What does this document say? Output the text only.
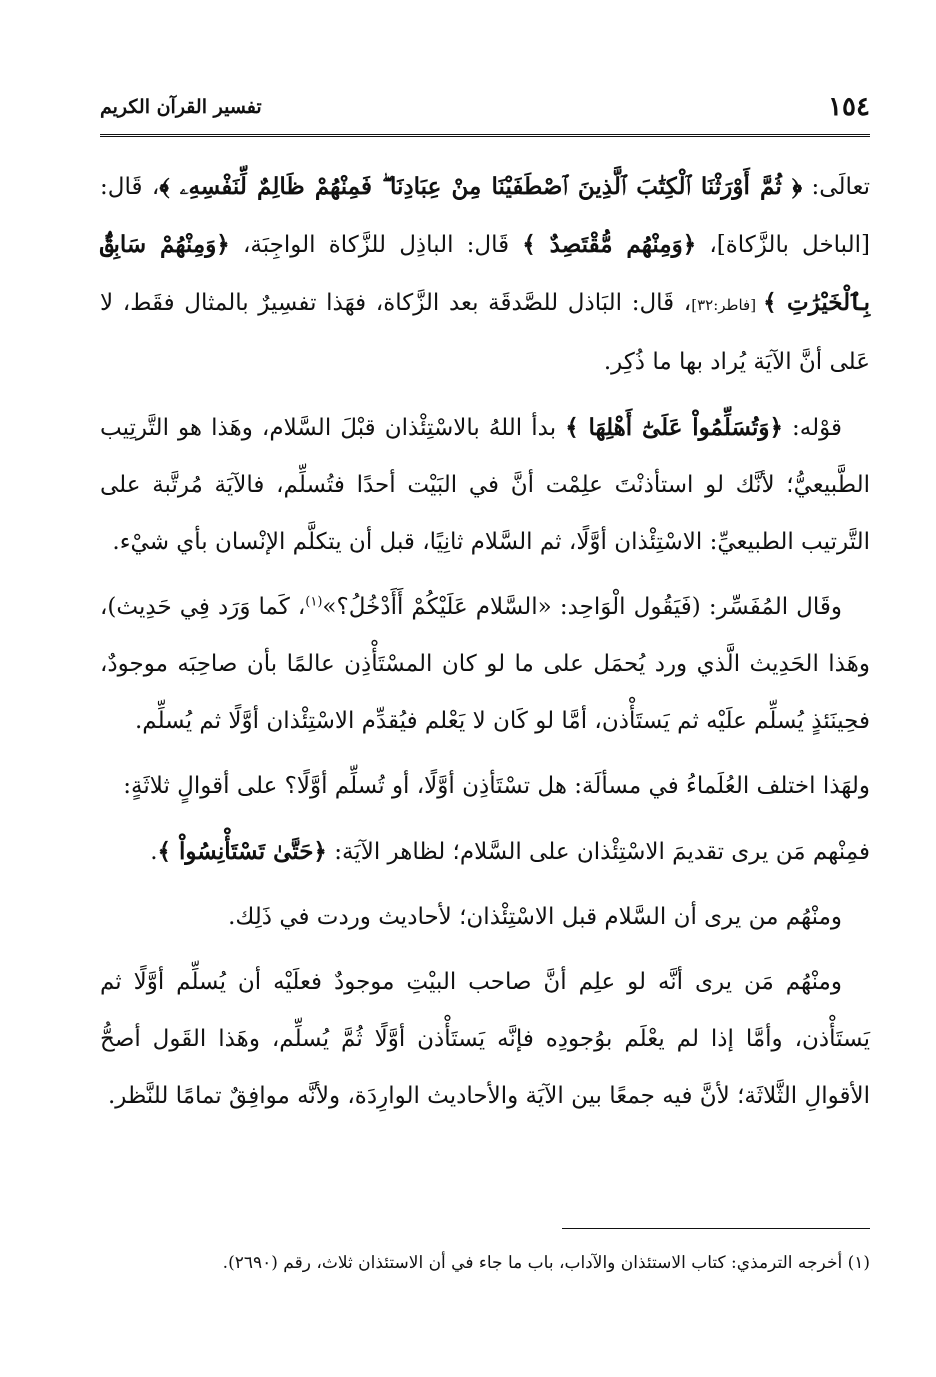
١٥٤
تفسير القرآن الكريم

تعالَى: ﴿ ثُمَّ أَوْرَثْنَا ٱلْكِتَٰبَ ٱلَّذِينَ ٱصْطَفَيْنَا مِنْ عِبَادِنَا ۖ فَمِنْهُمْ ظَالِمٌ لِّنَفْسِهِۦ ﴾، قَال: [الباخل بالزَّكاة]، ﴿وَمِنْهُم مُّقْتَصِدٌ ﴾ قَال: الباذِل للزَّكاة الواجِبَة، ﴿وَمِنْهُمْ سَابِقٌۢ بِٱلْخَيْرَٰتِ ﴾ [فاطر:٣٢]، قَال: البَاذل للصَّدقَة بعد الزَّكاة، فهَذا تفسِيرٌ بالمثال فقَط، لا عَلى أنَّ الآيَة يُراد بها ما ذُكِر.

قوْله: ﴿وَتُسَلِّمُواْ عَلَىٰٓ أَهْلِهَا ﴾ بدأ اللهُ بالاسْتِئْذان قبْلَ السَّلام، وهَذا هو التَّرتِيب الطَّبيعيُّ؛ لأنَّك لو استأذنْتَ علِمْت أنَّ في البَيْت أحدًا فتُسلِّم، فالآيَة مُرتَّبة على التَّرتيب الطبيعيِّ: الاسْتِئْذان أوَّلًا، ثم السَّلام ثانِيًا، قبل أن يتكلَّم الإنْسان بأي شيْء.

وقَال المُفَسِّر: (فَيَقُول الْوَاحِد: «السَّلام عَلَيْكُمْ أَأَدْخُلُ؟»$^{(١)}$، كَما وَرَد فِي حَدِيث)، وهَذا الحَدِيث الَّذي ورد يُحمَل على ما لو كان المسْتَأْذِن عالمًا بأن صاحِبَه موجودٌ، فحِينَئذٍ يُسلِّم علَيْه ثم يَستَأْذن، أمَّا لو كَان لا يَعْلم فيُقدِّم الاسْتِئْذان أوَّلًا ثم يُسلِّم.

ولهَذا اختلف العُلَماءُ في مسألَة: هل تسْتَأذِن أوَّلًا، أو تُسلِّم أوَّلًا؟ على أقوالٍ ثلاثَةٍ:

فمِنْهم مَن يرى تقديمَ الاسْتِئْذان على السَّلام؛ لظاهر الآيَة: ﴿حَتَّىٰ تَسْتَأْنِسُواْ ﴾.

ومنْهُم من يرى أن السَّلام قبل الاسْتِئْذان؛ لأحاديث وردت في ذَلِك.

ومنْهُم مَن يرى أنَّه لو علِم أنَّ صاحب البيْتِ موجودٌ فعلَيْه أن يُسلِّم أوَّلًا ثم يَستَأْذن، وأمَّا إذا لم يعْلَم بوُجودِه فإنَّه يَستَأْذن أوَّلًا ثُمَّ يُسلِّم، وهَذا القَول أصحُّ الأقوالِ الثَّلاثَة؛ لأنَّ فيه جمعًا بين الآيَة والأحاديث الوارِدَة، ولأنَّه موافِقٌ تمامًا للنَّظر.

(١) أخرجه الترمذي: كتاب الاستئذان والآداب، باب ما جاء في أن الاستئذان ثلاث، رقم (٢٦٩٠).
